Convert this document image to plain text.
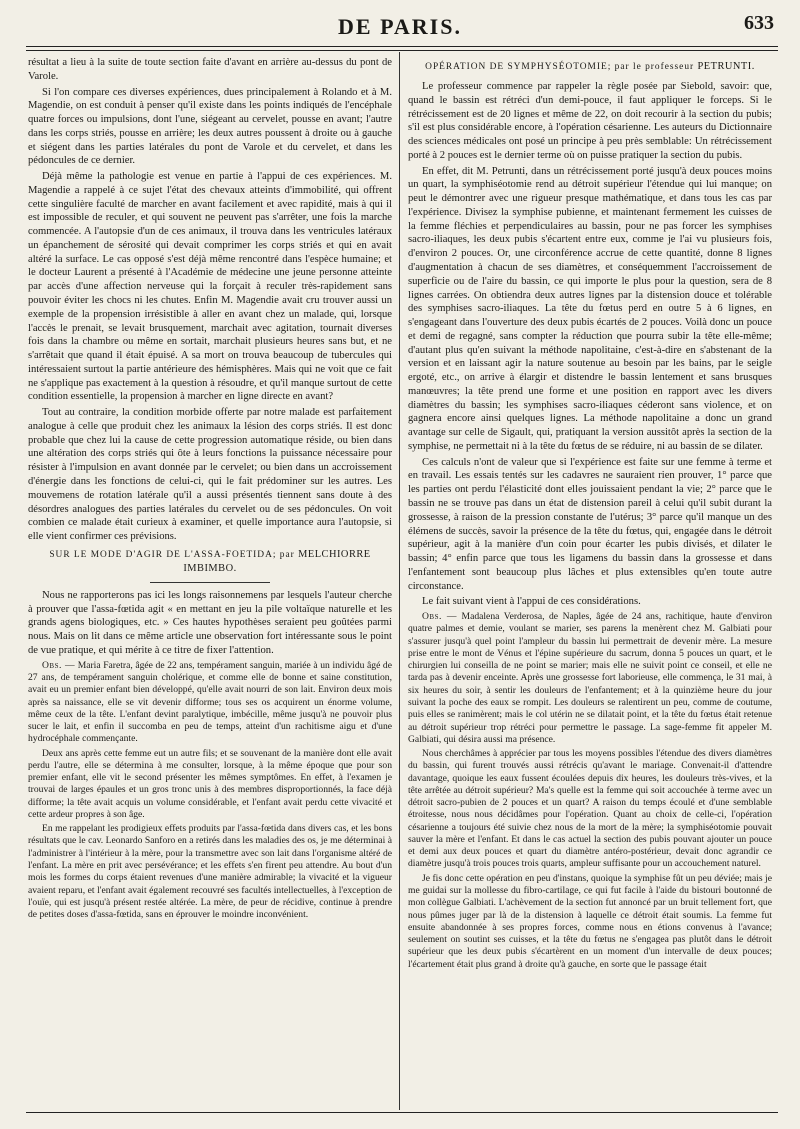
DE PARIS.	633

résultat a lieu à la suite de toute section faite d'avant en arrière au-dessus du pont de Varole.

Si l'on compare ces diverses expériences, dues principalement à Rolando et à M. Magendie, on est conduit à penser qu'il existe dans les points indiqués de l'encéphale quatre forces ou impulsions, dont l'une, siégeant au cervelet, pousse en avant; l'autre dans les corps striés, pousse en arrière; les deux autres poussent à droite ou à gauche et siégent dans les parties latérales du pont de Varole et du cervelet, et dans les pédoncules de ce dernier.

Déjà même la pathologie est venue en partie à l'appui de ces expériences. M. Magendie a rappelé à ce sujet l'état des chevaux atteints d'immobilité, qui offrent cette singulière faculté de marcher en avant facilement et avec rapidité, mais à qui il est impossible de reculer, et qui souvent ne peuvent pas s'arrêter, une fois la marche commencée. A l'autopsie d'un de ces animaux, il trouva dans les ventricules latéraux un épanchement de sérosité qui devait comprimer les corps striés et qui en avait altéré la surface. Le cas opposé s'est déjà même rencontré dans l'espèce humaine; et le docteur Laurent a présenté à l'Académie de médecine une jeune personne atteinte par accès d'une affection nerveuse qui la forçait à reculer très-rapidement sans pouvoir éviter les chocs ni les chutes. Enfin M. Magendie avait cru trouver aussi un exemple de la propension irrésistible à aller en avant chez un malade, qui, lorsque l'accès le prenait, se levait brusquement, marchait avec agitation, tournait diverses fois dans la chambre ou même en sortait, marchait plusieurs heures sans but, et ne s'arrêtait que quand il était épuisé. A sa mort on trouva beaucoup de tubercules qui intéressaient surtout la partie antérieure des hémisphères. Mais qui ne voit que ce fait ne s'applique pas exactement à la question à résoudre, et qu'il manque surtout de cette condition essentielle, la propension à marcher en ligne directe en avant?

Tout au contraire, la condition morbide offerte par notre malade est parfaitement analogue à celle que produit chez les animaux la lésion des corps striés. Il est donc probable que chez lui la cause de cette progression automatique réside, ou bien dans une altération des corps striés qui ôte à leurs fonctions la puissance nécessaire pour résister à l'impulsion en avant donnée par le cervelet; ou bien dans un accroissement d'énergie dans les fonctions de celui-ci, qui le fait prédominer sur les autres. Les mouvemens de rotation latérale qu'il a aussi présentés tiennent sans doute à des désordres analogues des parties latérales du cervelet ou de ses pédoncules. On voit combien ce malade était curieux à examiner, et quelle importance aura l'autopsie, si elle vient confirmer ces prévisions.

SUR LE MODE D'AGIR DE L'ASSA-FOETIDA; par MELCHIORRE IMBIMBO.

Nous ne rapporterons pas ici les longs raisonnemens par lesquels l'auteur cherche à prouver que l'assa-fœtida agit « en mettant en jeu la pile voltaïque naturelle et les grands agens biologiques, etc. » Ces hautes hypothèses seraient peu goûtées parmi nous. Mais on lit dans ce même article une observation fort intéressante sous le point de vue pratique, et qui mérite à ce titre de fixer l'attention.

Obs. — Maria Faretra, âgée de 22 ans, tempérament sanguin, mariée à un individu âgé de 27 ans, de tempérament sanguin cholérique, et comme elle de bonne et saine constitution, avait eu un premier enfant bien développé, qu'elle avait nourri de son lait. Environ deux mois après sa naissance, elle se vit devenir difforme; tous ses os acquirent un énorme volume, même ceux de la tête. L'enfant devint paralytique, imbécille, même jusqu'à ne pouvoir plus sucer le lait, et enfin il succomba en peu de temps, atteint d'un rachitisme aigu et d'une hydrocéphale commençante.

Deux ans après cette femme eut un autre fils; et se souvenant de la manière dont elle avait perdu l'autre, elle se détermina à me consulter, lorsque, à la même époque que pour son premier enfant, elle vit le second présenter les mêmes symptômes. En effet, à l'examen je trouvai de larges épaules et un gros tronc unis à des membres disproportionnés, la face déjà difforme; la tête avait acquis un volume considérable, et l'enfant avait perdu cette vivacité et cette ardeur propres à son âge.

En me rappelant les prodigieux effets produits par l'assa-fœtida dans divers cas, et les bons résultats que le cav. Leonardo Sanforo en a retirés dans les maladies des os, je me déterminai à l'administrer à l'intérieur à la mère, pour la transmettre avec son lait dans l'organisme altéré de l'enfant. La mère en prit avec persévérance; et les effets s'en firent peu attendre. Au bout d'un mois les formes du corps étaient revenues d'une manière admirable; la vivacité et la vigueur avaient reparu, et l'enfant avait également recouvré ses facultés intellectuelles, à l'exception de l'ouïe, qui est jusqu'à présent restée altérée. La mère, de peur de récidive, continue à prendre de petites doses d'assa-fœtida, sans en éprouver le moindre inconvénient.

OPÉRATION DE SYMPHYSÉOTOMIE; par le professeur PETRUNTI.

Le professeur commence par rappeler la règle posée par Siebold, savoir: que, quand le bassin est rétréci d'un demi-pouce, il faut appliquer le forceps. Si le rétrécissement est de 20 lignes et même de 22, on doit recourir à la section du pubis; s'il est plus considérable encore, à l'opération césarienne. Les auteurs du Dictionnaire des sciences médicales ont posé un principe à peu près semblable: Un rétrécissement porté à 2 pouces est le dernier terme où on puisse pratiquer la section du pubis.

En effet, dit M. Petrunti, dans un rétrécissement porté jusqu'à deux pouces moins un quart, la symphiséotomie rend au détroit supérieur l'étendue qui lui manque; on peut le démontrer avec une rigueur presque mathématique, et dans tous les cas par l'expérience. Divisez la symphise pubienne, et maintenant fermement les cuisses de la femme fléchies et perpendiculaires au bassin, pour ne pas forcer les symphises sacro-iliaques, les deux pubis s'écartent entre eux, comme je l'ai vu plusieurs fois, d'environ 2 pouces. Or, une circonférence accrue de cette quantité, donne 8 lignes d'augmentation à chacun de ses diamètres, et conséquemment l'accroissement de superficie ou de l'aire du bassin, ce qui importe le plus pour la question, sera de 8 lignes carrées. On obtiendra deux autres lignes par la distension douce et tolérable des symphises sacro-iliaques. La tête du fœtus perd en outre 5 à 6 lignes, en s'engageant dans l'ouverture des deux pubis écartés de 2 pouces. Voilà donc un pouce et demi de regagné, sans compter la réduction que pourra subir la tête elle-même; d'autant plus qu'en suivant la méthode napolitaine, c'est-à-dire en s'abstenant de la version et en laissant agir la nature soutenue au besoin par les bains, par le seigle ergoté, etc., on arrive à élargir et distendre le bassin lentement et sans brusques manœuvres; la tête prend une forme et une position en rapport avec les divers diamètres du bassin; les symphises sacro-iliaques céderont sans violence, et on gagnera encore ainsi quelques lignes. La méthode napolitaine a donc un grand avantage sur celle de Sigault, qui, pratiquant la version aussitôt après la section de la symphise, ne permettait ni à la tête du fœtus de se réduire, ni au bassin de se dilater.

Ces calculs n'ont de valeur que si l'expérience est faite sur une femme à terme et en travail. Les essais tentés sur les cadavres ne sauraient rien prouver, 1° parce que les parties ont perdu l'élasticité dont elles jouissaient pendant la vie; 2° parce que le bassin ne se trouve pas dans un état de distension pareil à celui qu'il subit durant la grossesse, à raison de la pression constante de l'utérus; 3° parce qu'il manque un des élémens de succès, savoir la présence de la tête du fœtus, qui, engagée dans le détroit supérieur, agit à la manière d'un coin pour écarter les pubis divisés, et dilater le bassin; 4° enfin parce que tous les ligamens du bassin dans la grossesse et dans l'enfantement sont beaucoup plus lâches et plus extensibles qu'en toute autre circonstance.

Le fait suivant vient à l'appui de ces considérations.

Obs. — Madalena Verderosa, de Naples, âgée de 24 ans, rachitique, haute d'environ quatre palmes et demie, voulant se marier, ses parens la menèrent chez M. Galbiati pour s'assurer jusqu'à quel point l'ampleur du bassin lui permettrait de devenir mère. La mesure prise entre le mont de Vénus et l'épine supérieure du sacrum, donna 5 pouces un quart, et le chirurgien lui conseilla de ne point se marier; mais elle ne suivit point ce conseil, et elle ne tarda pas à devenir enceinte. Après une grossesse fort laborieuse, elle commença, le 31 mai, à six heures du soir, à sentir les douleurs de l'enfantement; et à la quinzième heure du jour suivant la poche des eaux se rompit. Les douleurs se ralentirent un peu, comme de coutume, puis elles se ranimèrent; mais le col utérin ne se dilatait point, et la tête du fœtus était retenue au détroit supérieur trop rétréci pour permettre le passage. La sage-femme fit appeler M. Galbiati, qui désira aussi ma présence.

Nous cherchâmes à apprécier par tous les moyens possibles l'étendue des divers diamètres du bassin, qui furent trouvés aussi rétrécis qu'avant le mariage. Convenait-il d'attendre davantage, quoique les eaux fussent écoulées depuis dix heures, les douleurs très-vives, et la tête arrêtée au détroit supérieur? Ma's quelle est la femme qui soit accouchée à terme avec un détroit sacro-pubien de 2 pouces et un quart? A raison du temps écoulé et d'une semblable étroitesse, nous nous décidâmes pour l'opération. Quant au choix de celle-ci, l'opération césarienne a toujours été suivie chez nous de la mort de la mère; la symphiséotomie pouvait sauver la mère et l'enfant. Et dans le cas actuel la section des pubis pouvant ajouter un pouce et demi aux deux pouces et quart du diamètre antéro-postérieur, devait donc agrandir ce diamètre jusqu'à trois pouces trois quarts, ampleur suffisante pour un accouchement naturel.

Je fis donc cette opération en peu d'instans, quoique la symphise fût un peu déviée; mais je me guidai sur la mollesse du fibro-cartilage, ce qui fut facile à l'aide du bistouri boutonné de mon collègue Galbiati. L'achèvement de la section fut annoncé par un bruit tellement fort, que nous pûmes juger par là de la distension à laquelle ce détroit était soumis. La femme fut ensuite abandonnée à ses propres forces, comme nous en étions convenus à l'avance; seulement on soutint ses cuisses, et la tête du fœtus ne s'engagea pas plutôt dans le détroit supérieur que les deux pubis s'écartèrent en un moment d'un intervalle de deux pouces; l'écartement était plus grand à droite qu'à gauche, en sorte que le passage était
